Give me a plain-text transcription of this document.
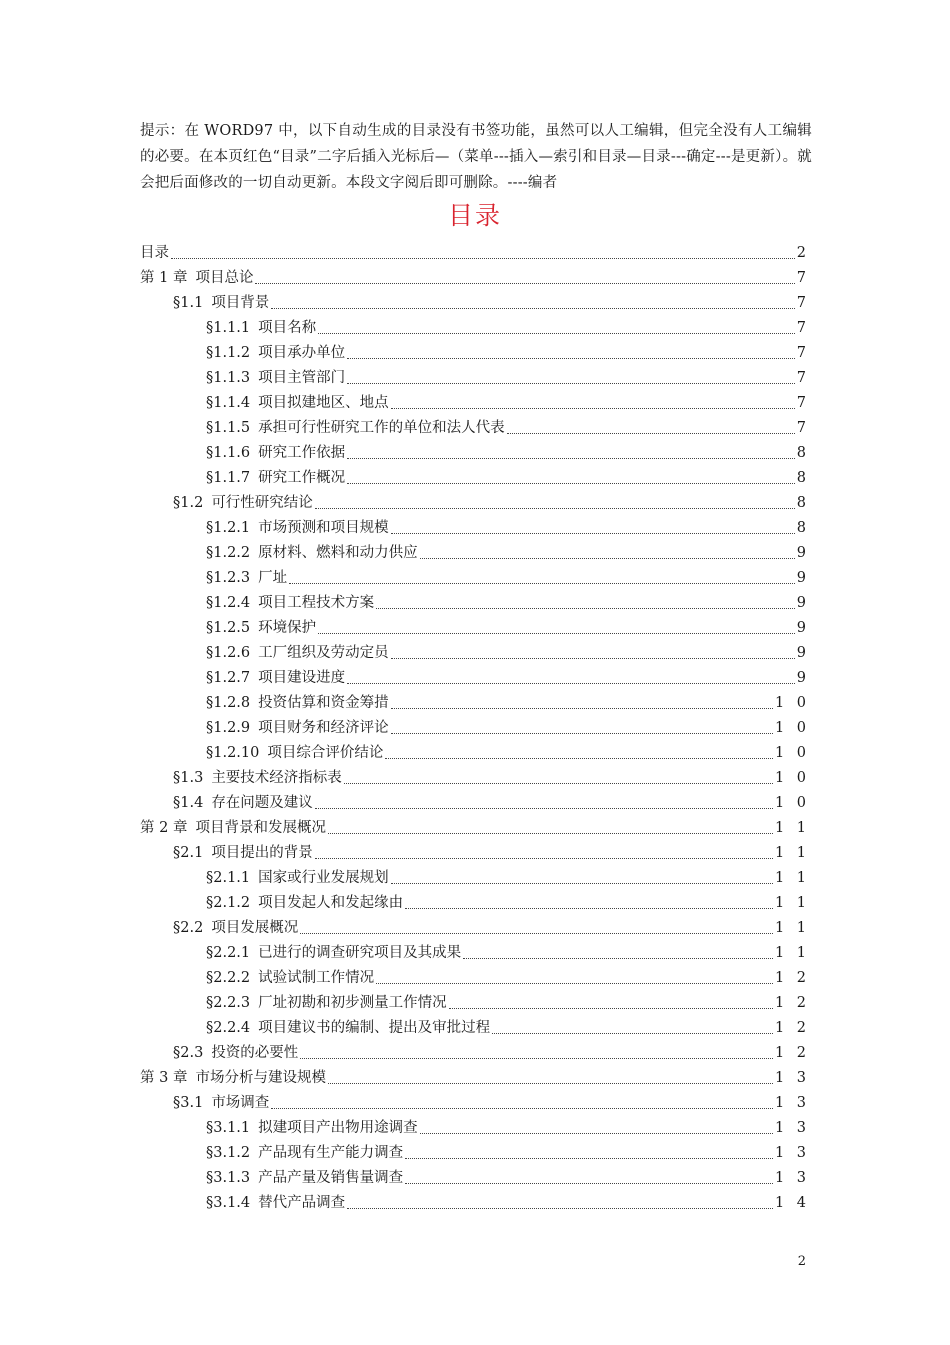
提示：在 WORD97 中，以下自动生成的目录没有书签功能，虽然可以人工编辑，但完全没有人工编辑的必要。在本页红色“目录”二字后插入光标后—（菜单---插入—索引和目录—目录---确定---是更新）。就会把后面修改的一切自动更新。本段文字阅后即可删除。----编者
目录
目录	2
第 1 章 项目总论	7
§1.1 项目背景	7
§1.1.1 项目名称	7
§1.1.2 项目承办单位	7
§1.1.3 项目主管部门	7
§1.1.4 项目拟建地区、地点	7
§1.1.5 承担可行性研究工作的单位和法人代表	7
§1.1.6 研究工作依据	8
§1.1.7 研究工作概况	8
§1.2 可行性研究结论	8
§1.2.1 市场预测和项目规模	8
§1.2.2 原材料、燃料和动力供应	9
§1.2.3 厂址	9
§1.2.4 项目工程技术方案	9
§1.2.5 环境保护	9
§1.2.6 工厂组织及劳动定员	9
§1.2.7 项目建设进度	9
§1.2.8 投资估算和资金筹措	1 0
§1.2.9 项目财务和经济评论	1 0
§1.2.10 项目综合评价结论	1 0
§1.3 主要技术经济指标表	1 0
§1.4 存在问题及建议	1 0
第 2 章 项目背景和发展概况	1 1
§2.1 项目提出的背景	1 1
§2.1.1 国家或行业发展规划	1 1
§2.1.2 项目发起人和发起缘由	1 1
§2.2 项目发展概况	1 1
§2.2.1 已进行的调查研究项目及其成果	1 1
§2.2.2 试验试制工作情况	1 2
§2.2.3 厂址初勘和初步测量工作情况	1 2
§2.2.4 项目建议书的编制、提出及审批过程	1 2
§2.3 投资的必要性	1 2
第 3 章 市场分析与建设规模	1 3
§3.1 市场调查	1 3
§3.1.1 拟建项目产出物用途调查	1 3
§3.1.2 产品现有生产能力调查	1 3
§3.1.3 产品产量及销售量调查	1 3
§3.1.4 替代产品调查	1 4
2
